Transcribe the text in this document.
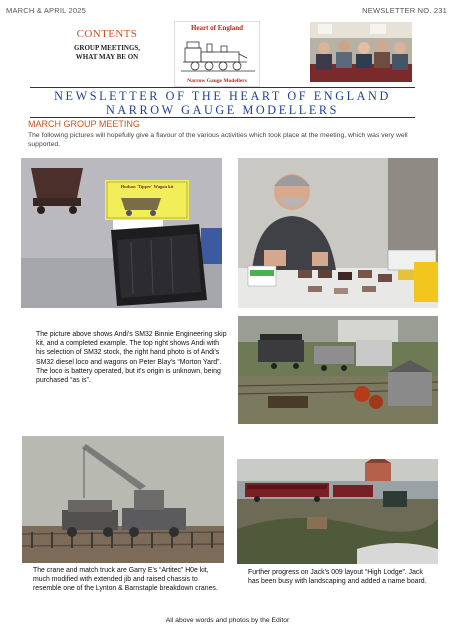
MARCH & APRIL 2025	NEWSLETTER NO. 231
CONTENTS
GROUP MEETINGS,
WHAT MAY BE ON
Heart of England
Narrow Gauge Modellers
NEWSLETTER OF THE HEART OF ENGLAND
NARROW GAUGE MODELLERS
MARCH GROUP MEETING
The following pictures will hopefully give a flavour of the various activities which took place at the meeting, which was very well supported.
Hudson 'Tipper' Wagon kit
The picture above shows Andi's SM32 Binnie Engineering skip kit, and a completed example. The top right shows Andi with his selection of SM32 stock, the right hand photo is of Andi's SM32 diesel loco and wagons on Peter Blay's “Morton Yard”. The loco is battery operated, but it's origin is unknown, being purchased “as is”.
The crane and match truck are Garry E's “Artitec” H0e kit, much modified with extended jib and raised chassis to resemble one of the Lynton & Barnstaple breakdown cranes.
Further progress on Jack's 009 layout “High Lodge”. Jack has been busy with landscaping and added a name board.
All above words and photos by the Editor
